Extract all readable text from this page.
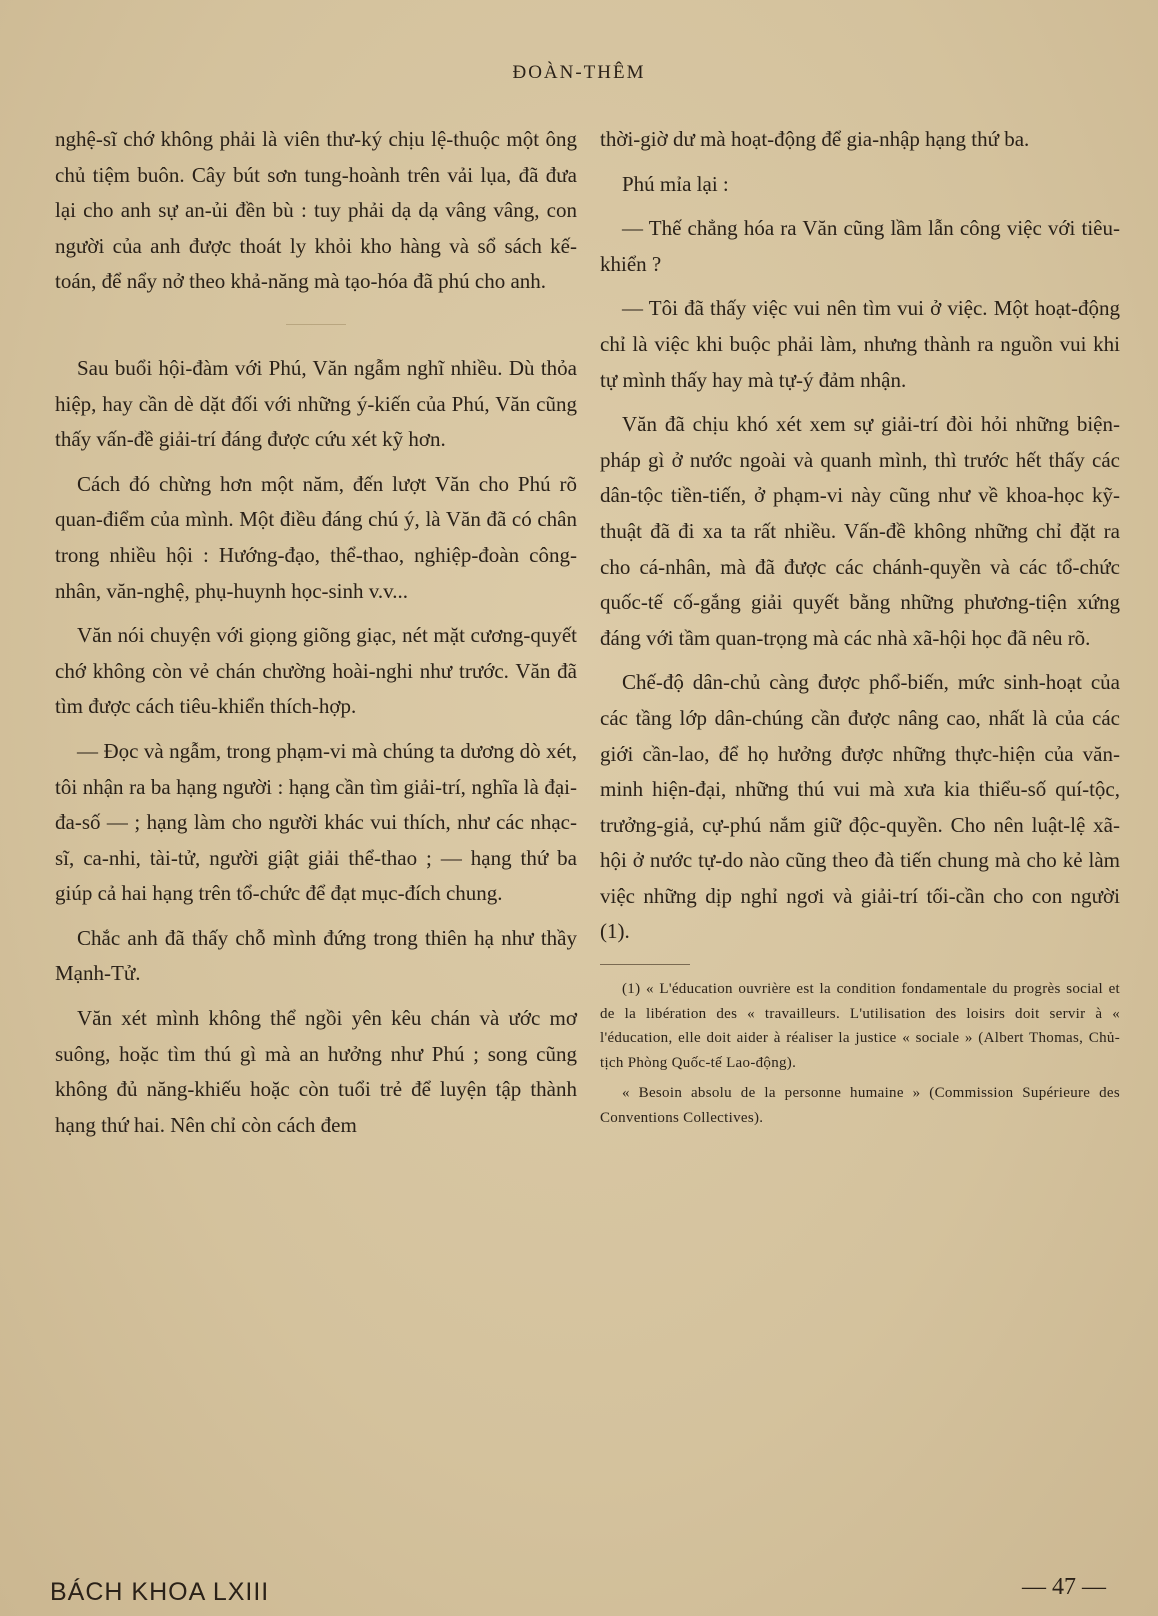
ĐOÀN-THÊM

nghệ-sĩ chớ không phải là viên thư-ký chịu lệ-thuộc một ông chủ tiệm buôn. Cây bút sơn tung-hoành trên vải lụa, đã đưa lại cho anh sự an-ủi đền bù : tuy phải dạ dạ vâng vâng, con người của anh được thoát ly khỏi kho hàng và sổ sách kế-toán, để nẩy nở theo khả-năng mà tạo-hóa đã phú cho anh.

Sau buổi hội-đàm với Phú, Văn ngẫm nghĩ nhiều. Dù thỏa hiệp, hay cần dè dặt đối với những ý-kiến của Phú, Văn cũng thấy vấn-đề giải-trí đáng được cứu xét kỹ hơn.

Cách đó chừng hơn một năm, đến lượt Văn cho Phú rõ quan-điểm của mình. Một điều đáng chú ý, là Văn đã có chân trong nhiều hội : Hướng-đạo, thể-thao, nghiệp-đoàn công-nhân, văn-nghệ, phụ-huynh học-sinh v.v...

Văn nói chuyện với giọng giõng giạc, nét mặt cương-quyết chớ không còn vẻ chán chường hoài-nghi như trước. Văn đã tìm được cách tiêu-khiển thích-hợp.

— Đọc và ngẫm, trong phạm-vi mà chúng ta dương dò xét, tôi nhận ra ba hạng người : hạng cần tìm giải-trí, nghĩa là đại-đa-số — ; hạng làm cho người khác vui thích, như các nhạc-sĩ, ca-nhi, tài-tử, người giật giải thể-thao ; — hạng thứ ba giúp cả hai hạng trên tổ-chức để đạt mục-đích chung.

Chắc anh đã thấy chỗ mình đứng trong thiên hạ như thầy Mạnh-Tử.

Văn xét mình không thể ngồi yên kêu chán và ước mơ suông, hoặc tìm thú gì mà an hưởng như Phú ; song cũng không đủ năng-khiếu hoặc còn tuổi trẻ để luyện tập thành hạng thứ hai. Nên chỉ còn cách đem

thời-giờ dư mà hoạt-động để gia-nhập hạng thứ ba.

Phú mỉa lại :

— Thế chẳng hóa ra Văn cũng lầm lẫn công việc với tiêu-khiển ?

— Tôi đã thấy việc vui nên tìm vui ở việc. Một hoạt-động chỉ là việc khi buộc phải làm, nhưng thành ra nguồn vui khi tự mình thấy hay mà tự-ý đảm nhận.

Văn đã chịu khó xét xem sự giải-trí đòi hỏi những biện-pháp gì ở nước ngoài và quanh mình, thì trước hết thấy các dân-tộc tiền-tiến, ở phạm-vi này cũng như về khoa-học kỹ-thuật đã đi xa ta rất nhiều. Vấn-đề không những chỉ đặt ra cho cá-nhân, mà đã được các chánh-quyền và các tổ-chức quốc-tế cố-gắng giải quyết bằng những phương-tiện xứng đáng với tầm quan-trọng mà các nhà xã-hội học đã nêu rõ.

Chế-độ dân-chủ càng được phổ-biến, mức sinh-hoạt của các tầng lớp dân-chúng cần được nâng cao, nhất là của các giới cần-lao, để họ hưởng được những thực-hiện của văn-minh hiện-đại, những thú vui mà xưa kia thiểu-số quí-tộc, trưởng-giả, cự-phú nắm giữ độc-quyền. Cho nên luật-lệ xã-hội ở nước tự-do nào cũng theo đà tiến chung mà cho kẻ làm việc những dịp nghỉ ngơi và giải-trí tối-cần cho con người (1).

(1) « L'éducation ouvrière est la condition fondamentale du progrès social et de la libération des « travailleurs. L'utilisation des loisirs doit servir à « l'éducation, elle doit aider à réaliser la justice « sociale » (Albert Thomas, Chủ-tịch Phòng Quốc-tế Lao-động).

« Besoin absolu de la personne humaine » (Commission Supérieure des Conventions Collectives).

BÁCH KHOA LXIII	— 47 —
